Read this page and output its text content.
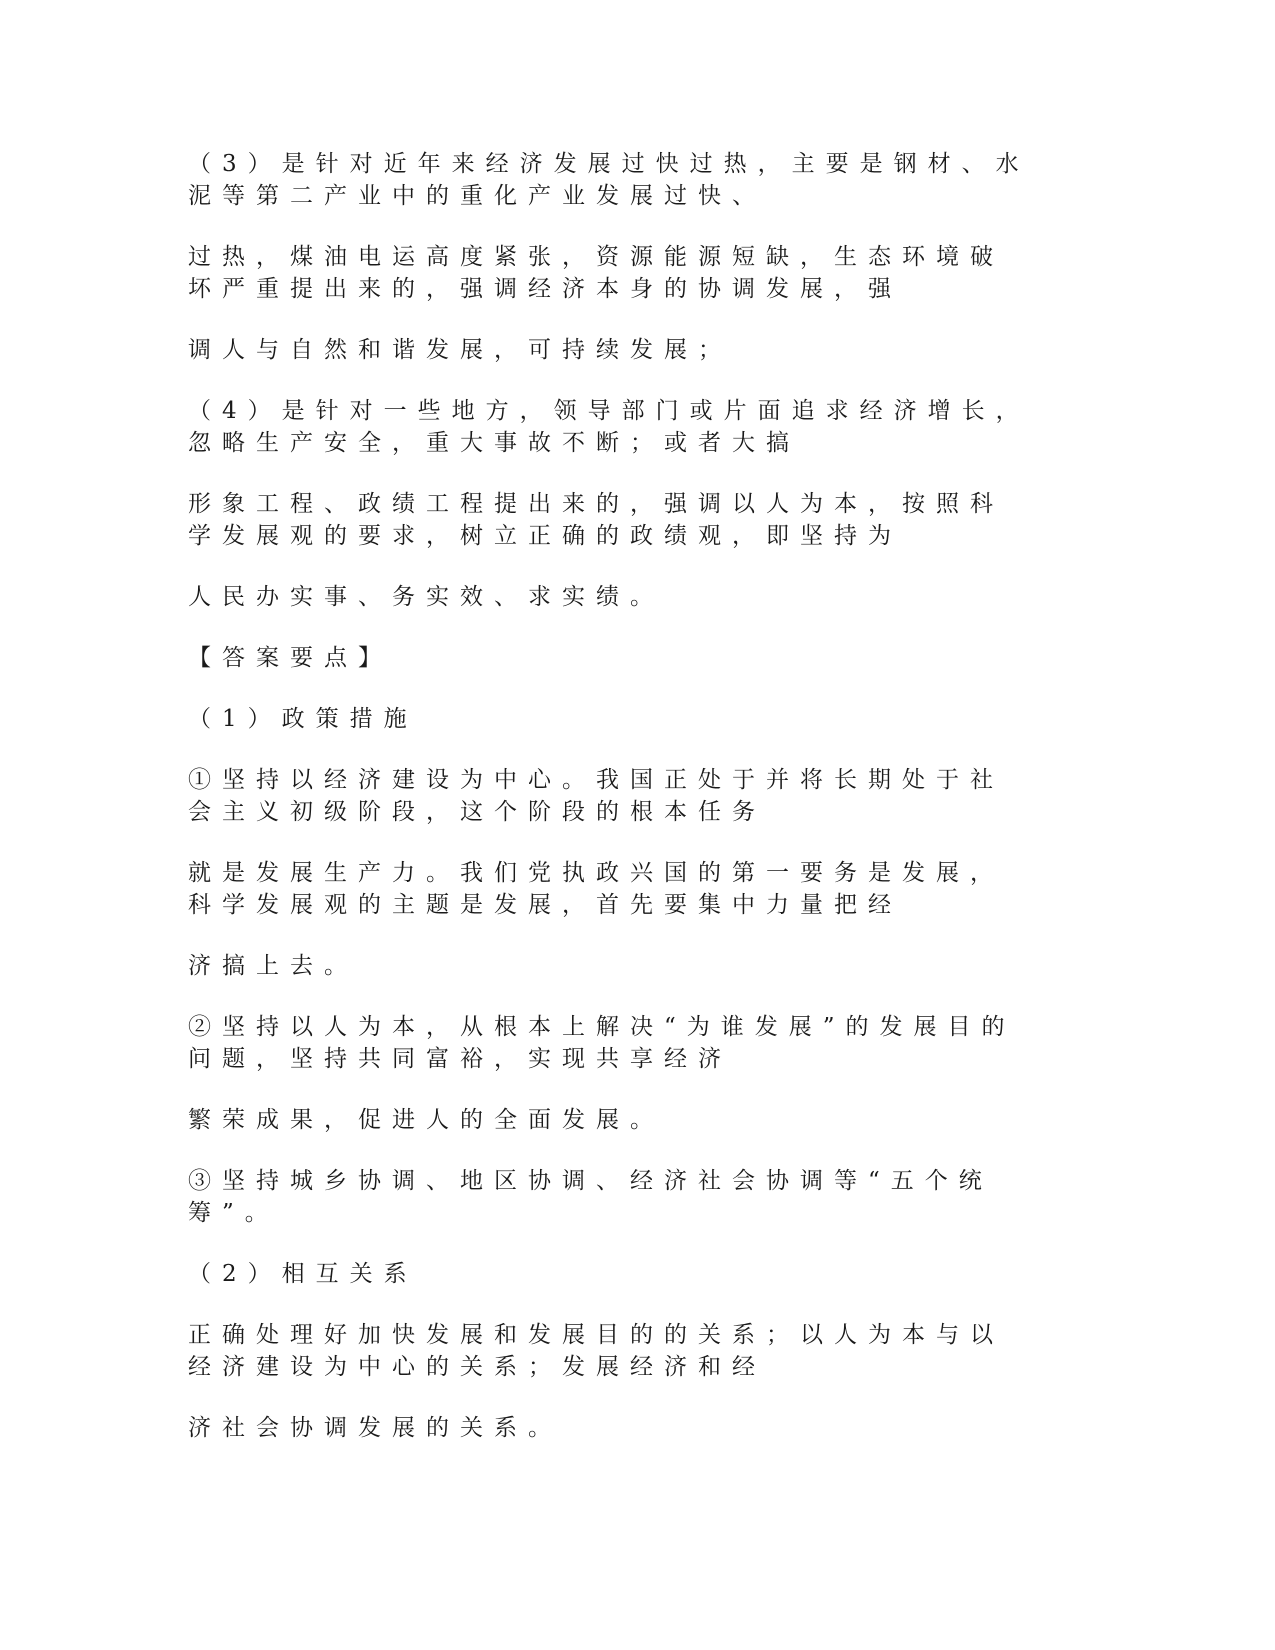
（3）是针对近年来经济发展过快过热，主要是钢材、水
泥等第二产业中的重化产业发展过快、

过热，煤油电运高度紧张，资源能源短缺，生态环境破
坏严重提出来的，强调经济本身的协调发展，强

调人与自然和谐发展，可持续发展；

（4）是针对一些地方，领导部门或片面追求经济增长，
忽略生产安全，重大事故不断；或者大搞

形象工程、政绩工程提出来的，强调以人为本，按照科
学发展观的要求，树立正确的政绩观，即坚持为

人民办实事、务实效、求实绩。

【答案要点】

（1）政策措施

①坚持以经济建设为中心。我国正处于并将长期处于社
会主义初级阶段，这个阶段的根本任务

就是发展生产力。我们党执政兴国的第一要务是发展，
科学发展观的主题是发展，首先要集中力量把经

济搞上去。

②坚持以人为本，从根本上解决“为谁发展”的发展目的
问题，坚持共同富裕，实现共享经济

繁荣成果，促进人的全面发展。

③坚持城乡协调、地区协调、经济社会协调等“五个统
筹”。

（2）相互关系

正确处理好加快发展和发展目的的关系；以人为本与以
经济建设为中心的关系；发展经济和经

济社会协调发展的关系。
